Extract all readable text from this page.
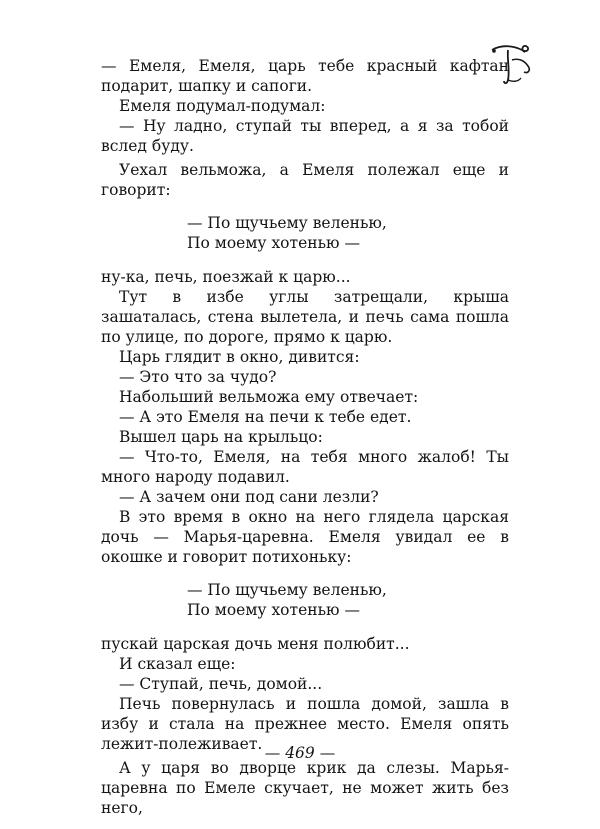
— Емеля, Емеля, царь тебе красный кафтан подарит, шапку и сапоги.

Емеля подумал-подумал:

— Ну ладно, ступай ты вперед, а я за тобой вслед буду.

Уехал вельможа, а Емеля полежал еще и говорит:

— По щучьему веленью,
По моему хотенью —

ну-ка, печь, поезжай к царю...

Тут в избе углы затрещали, крыша зашаталась, стена вылетела, и печь сама пошла по улице, по дороге, прямо к царю.

Царь глядит в окно, дивится:

— Это что за чудо?

Набольший вельможа ему отвечает:

— А это Емеля на печи к тебе едет.

Вышел царь на крыльцо:

— Что-то, Емеля, на тебя много жалоб! Ты много народу подавил.

— А зачем они под сани лезли?

В это время в окно на него глядела царская дочь — Марья-царевна. Емеля увидал ее в окошке и говорит потихоньку:

— По щучьему веленью,
По моему хотенью —

пускай царская дочь меня полюбит...

И сказал еще:

— Ступай, печь, домой...

Печь повернулась и пошла домой, зашла в избу и стала на прежнее место. Емеля опять лежит-полеживает.

А у царя во дворце крик да слезы. Марья-царевна по Емеле скучает, не может жить без него,

— 469 —
